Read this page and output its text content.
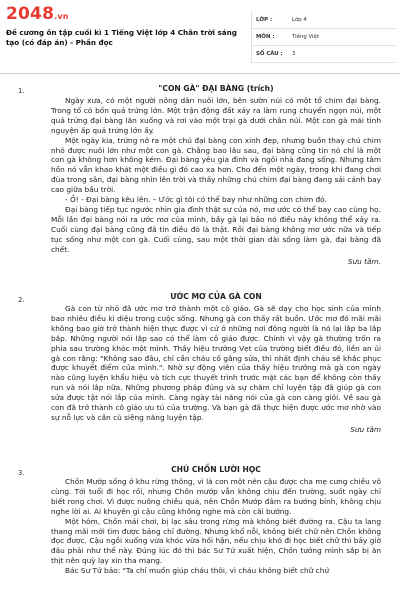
2048.vn
Đề cương ôn tập cuối kì 1 Tiếng Việt lớp 4 Chân trời sáng tạo (có đáp án) - Phần đọc
LỚP :	Lớp 4
MÔN :	Tiếng Việt
SỐ CÂU :	3
1.	"CON GÀ" ĐẠI BÀNG (trích)

Ngày xưa, có một người nông dân nuôi lớn, bên sườn núi có một tổ chim đại bàng. Trong tổ có bốn quả trứng lớn. Một trận động đất xảy ra làm rung chuyển ngọn núi, một quả trứng đại bàng lăn xuống và rơi vào một trại gà dưới chân núi. Một con gà mái tình nguyện ấp quả trứng lớn ấy.

Một ngày kia, trứng nở ra một chú đại bàng con xinh đẹp, nhưng buồn thay chú chim nhỏ được nuôi lớn như một con gà. Chẳng bao lâu sau, đại bàng cũng tin nó chỉ là một con gà không hơn không kém. Đại bàng yêu gia đình và ngôi nhà đang sống. Nhưng tâm hồn nó vẫn khao khát một điều gì đó cao xa hơn. Cho đến một ngày, trong khi đang chơi đùa trong sân, đại bàng nhìn lên trời và thấy những chú chim đại bàng đang sải cánh bay cao giữa bầu trời.

- Ồ! - Đại bàng kêu lên. – Ước gì tôi có thể bay như những con chim đó.

Đại bàng tiếp tục ngước nhìn gia đình thật sự của nó, mơ ước có thể bay cao cùng họ. Mỗi lần đại bàng nói ra ước mơ của mình, bầy gà lại bảo nó điều này không thể xảy ra. Cuối cùng đại bàng cũng đã tin điều đó là thật. Rồi đại bàng không mơ ước nữa và tiếp tục sống như một con gà. Cuối cùng, sau một thời gian dài sống làm gà, đại bàng đã chết.

Sưu tầm.
2.	ƯỚC MƠ CỦA GÀ CON

Gà con từ nhỏ đã ước mơ trở thành một cô giáo. Gà sẽ dạy cho học sinh của mình bao nhiêu điều kì diệu trong cuộc sống. Nhưng gà con thấy rất buồn. Ước mơ đó mãi mãi không bao giờ trở thành hiện thực được vì cứ ở những nơi đông người là nó lại lắp ba lắp bắp. Những người nói lắp sao có thể làm cô giáo được. Chính vì vậy gà thường trốn ra phía sau trường khóc một mình. Thầy hiệu trưởng Vẹt của trường biết điều đó, liền an ủi gà con rằng: "Không sao đâu, chỉ cần cháu cố gắng sửa, thì nhất định cháu sẽ khắc phục được khuyết điểm của mình.". Nhờ sự động viên của thầy hiệu trưởng mà gà con ngày nào cũng luyện khẩu hiệu và tích cực thuyết trình trước mặt các bạn để không còn thấy run và nói lắp nữa. Những phương pháp đúng và sự chăm chỉ luyện tập đã giúp gà con sửa được tật nói lắp của mình. Càng ngày tài năng nói của gà con càng giỏi. Về sau gà con đã trở thành cô giáo ưu tú của trường. Và bạn gà đã thực hiện được ước mơ nhờ vào sự nỗ lực và cần cù siêng năng luyện tập.

Sưu tầm
3.	CHÚ CHỒN LƯỜI HỌC

Chồn Mướp sống ở khu rừng thông, vì là con một nên cậu được cha mẹ cưng chiều vô cùng. Tới tuổi đi học rồi, nhưng Chồn mướp vẫn không chịu đến trường, suốt ngày chỉ biết rong chơi. Vì được nuông chiều quá, nên Chồn Mướp đâm ra bướng bỉnh, không chịu nghe lời ai. Ai khuyên gì cậu cũng không nghe mà còn cãi bướng.

Một hôm, Chồn mải chơi, bị lạc sâu trong rừng mà không biết đường ra. Cậu ta lang thang mãi mới tìm được bảng chỉ đường. Nhưng khổ nỗi, không biết chữ nên Chồn không đọc được. Cậu ngồi xuống vừa khóc vừa hối hận, nếu chịu khó đi học biết chữ thì bây giờ đâu phải như thế này. Đúng lúc đó thì bác Sư Tử xuất hiện, Chồn tưởng mình sắp bị ăn thịt nên quỳ lạy xin tha mạng.

Bác Sư Tử bảo: "Ta chỉ muốn giúp cháu thôi, vì cháu không biết chữ chứ
